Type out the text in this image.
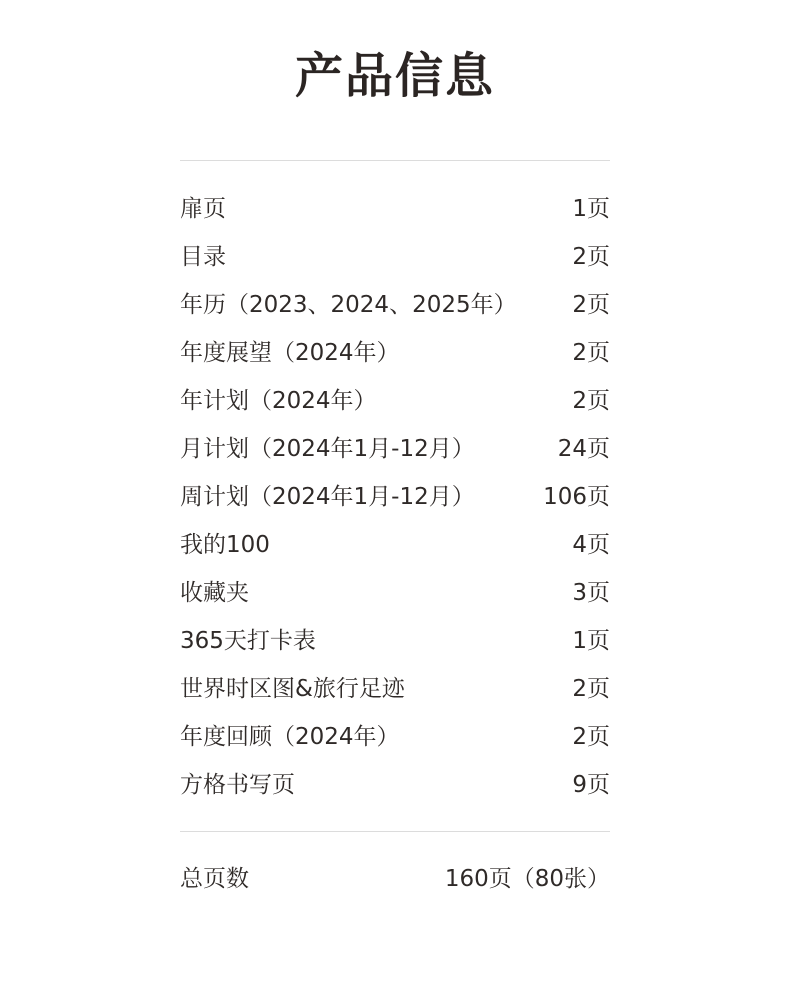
产品信息
扉页	1页
目录	2页
年历（2023、2024、2025年） 2页
年度展望（2024年）	2页
年计划（2024年）	2页
月计划（2024年1月-12月）	24页
周计划（2024年1月-12月）	106页
我的100	4页
收藏夹	3页
365天打卡表	1页
世界时区图&旅行足迹	2页
年度回顾（2024年）	2页
方格书写页	9页
总页数	160页（80张）
